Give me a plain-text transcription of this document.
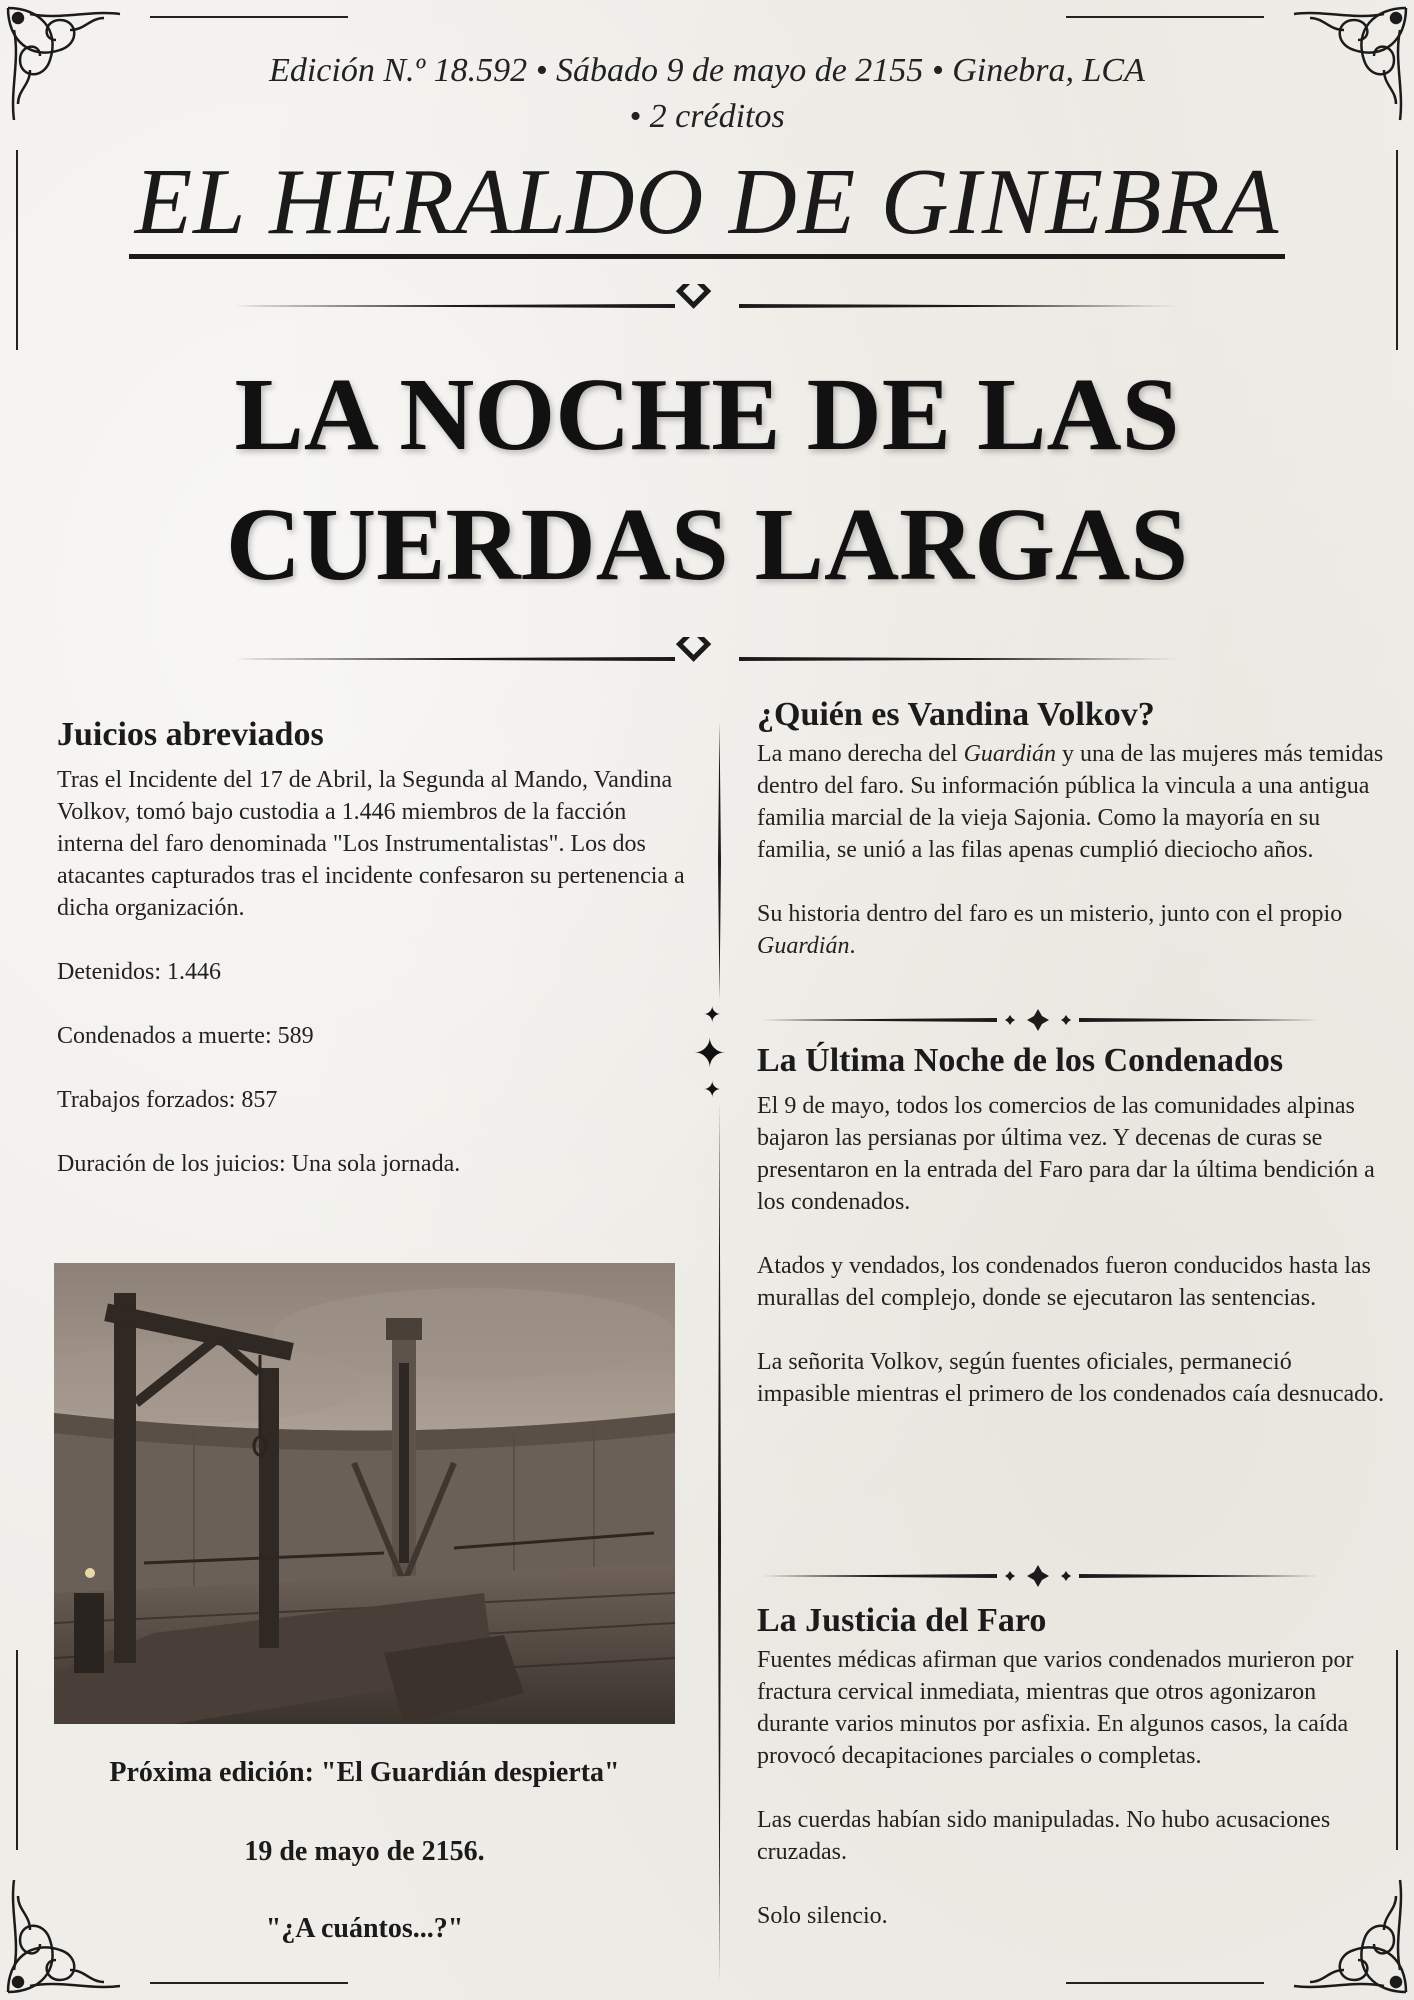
Edición N.º 18.592 • Sábado 9 de mayo de 2155 • Ginebra, LCA
• 2 créditos
EL HERALDO DE GINEBRA
LA NOCHE DE LAS
CUERDAS LARGAS
Juicios abreviados

Tras el Incidente del 17 de Abril, la Segunda al Mando, Vandina Volkov, tomó bajo custodia a 1.446 miembros de la facción interna del faro denominada "Los Instrumentalistas". Los dos atacantes capturados tras el incidente confesaron su pertenencia a dicha organización.

Detenidos: 1.446

Condenados a muerte: 589

Trabajos forzados: 857

Duración de los juicios: Una sola jornada.

Próxima edición: "El Guardián despierta"
19 de mayo de 2156.
"¿A cuántos...?"
✦
✦
✦
¿Quién es Vandina Volkov?

La mano derecha del Guardián y una de las mujeres más temidas dentro del faro. Su información pública la vincula a una antigua familia marcial de la vieja Sajonia. Como la mayoría en su familia, se unió a las filas apenas cumplió dieciocho años.

Su historia dentro del faro es un misterio, junto con el propio Guardián.

La Última Noche de los Condenados

El 9 de mayo, todos los comercios de las comunidades alpinas bajaron las persianas por última vez. Y decenas de curas se presentaron en la entrada del Faro para dar la última bendición a los condenados.

Atados y vendados, los condenados fueron conducidos hasta las murallas del complejo, donde se ejecutaron las sentencias.

La señorita Volkov, según fuentes oficiales, permaneció impasible mientras el primero de los condenados caía desnucado.

La Justicia del Faro

Fuentes médicas afirman que varios condenados murieron por fractura cervical inmediata, mientras que otros agonizaron durante varios minutos por asfixia. En algunos casos, la caída provocó decapitaciones parciales o completas.

Las cuerdas habían sido manipuladas. No hubo acusaciones cruzadas.

Solo silencio.
